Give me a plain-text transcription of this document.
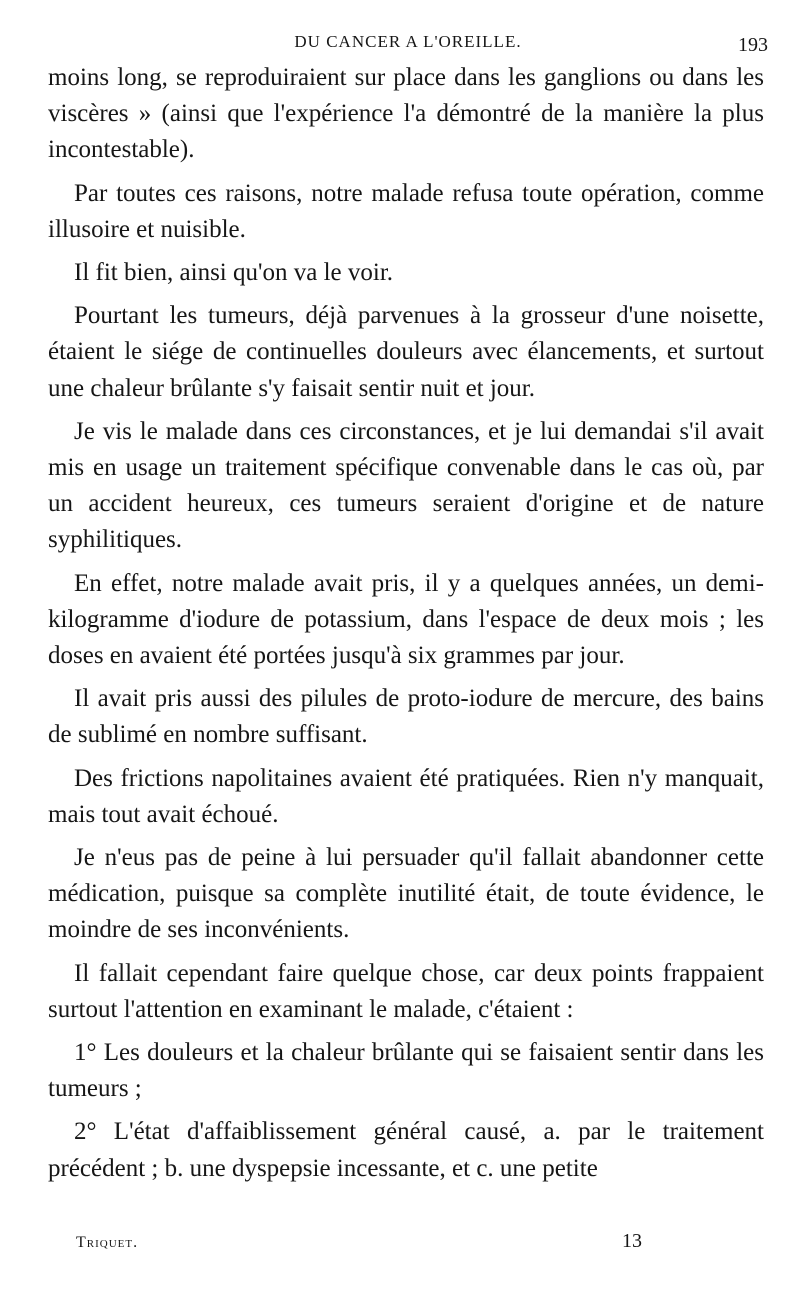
DU CANCER A L'OREILLE.	193

moins long, se reproduiraient sur place dans les ganglions ou dans les viscères » (ainsi que l'expérience l'a démontré de la manière la plus incontestable).

Par toutes ces raisons, notre malade refusa toute opération, comme illusoire et nuisible.

Il fit bien, ainsi qu'on va le voir.

Pourtant les tumeurs, déjà parvenues à la grosseur d'une noisette, étaient le siége de continuelles douleurs avec élancements, et surtout une chaleur brûlante s'y faisait sentir nuit et jour.

Je vis le malade dans ces circonstances, et je lui demandai s'il avait mis en usage un traitement spécifique convenable dans le cas où, par un accident heureux, ces tumeurs seraient d'origine et de nature syphilitiques.

En effet, notre malade avait pris, il y a quelques années, un demi-kilogramme d'iodure de potassium, dans l'espace de deux mois ; les doses en avaient été portées jusqu'à six grammes par jour.

Il avait pris aussi des pilules de proto-iodure de mercure, des bains de sublimé en nombre suffisant.

Des frictions napolitaines avaient été pratiquées. Rien n'y manquait, mais tout avait échoué.

Je n'eus pas de peine à lui persuader qu'il fallait abandonner cette médication, puisque sa complète inutilité était, de toute évidence, le moindre de ses inconvénients.

Il fallait cependant faire quelque chose, car deux points frappaient surtout l'attention en examinant le malade, c'étaient :

1° Les douleurs et la chaleur brûlante qui se faisaient sentir dans les tumeurs ;

2° L'état d'affaiblissement général causé, a. par le traitement précédent ; b. une dyspepsie incessante, et c. une petite

Triquet.	13
